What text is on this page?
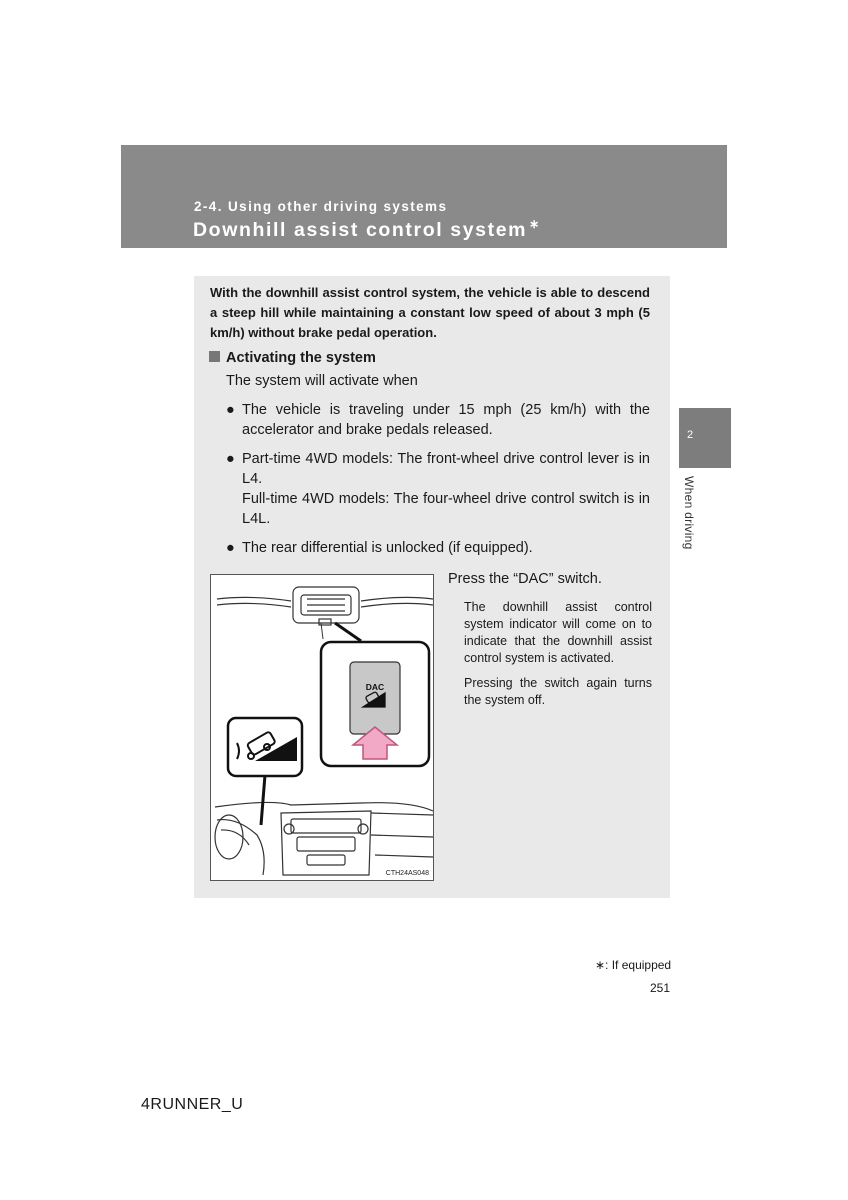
2-4. Using other driving systems
Downhill assist control system ∗
2
When driving
With the downhill assist control system, the vehicle is able to descend a steep hill while maintaining a constant low speed of about 3 mph (5 km/h) without brake pedal operation.
Activating the system
The system will activate when
● The vehicle is traveling under 15 mph (25 km/h) with the accelerator and brake pedals released.
● Part-time 4WD models: The front-wheel drive control lever is in L4.
Full-time 4WD models: The four-wheel drive control switch is in L4L.
● The rear differential is unlocked (if equipped).
DAC
CTH24AS048
Press the “DAC” switch.
The downhill assist control system indicator will come on to indicate that the downhill assist control system is activated.
Pressing the switch again turns the system off.
∗: If equipped
251
4RUNNER_U
